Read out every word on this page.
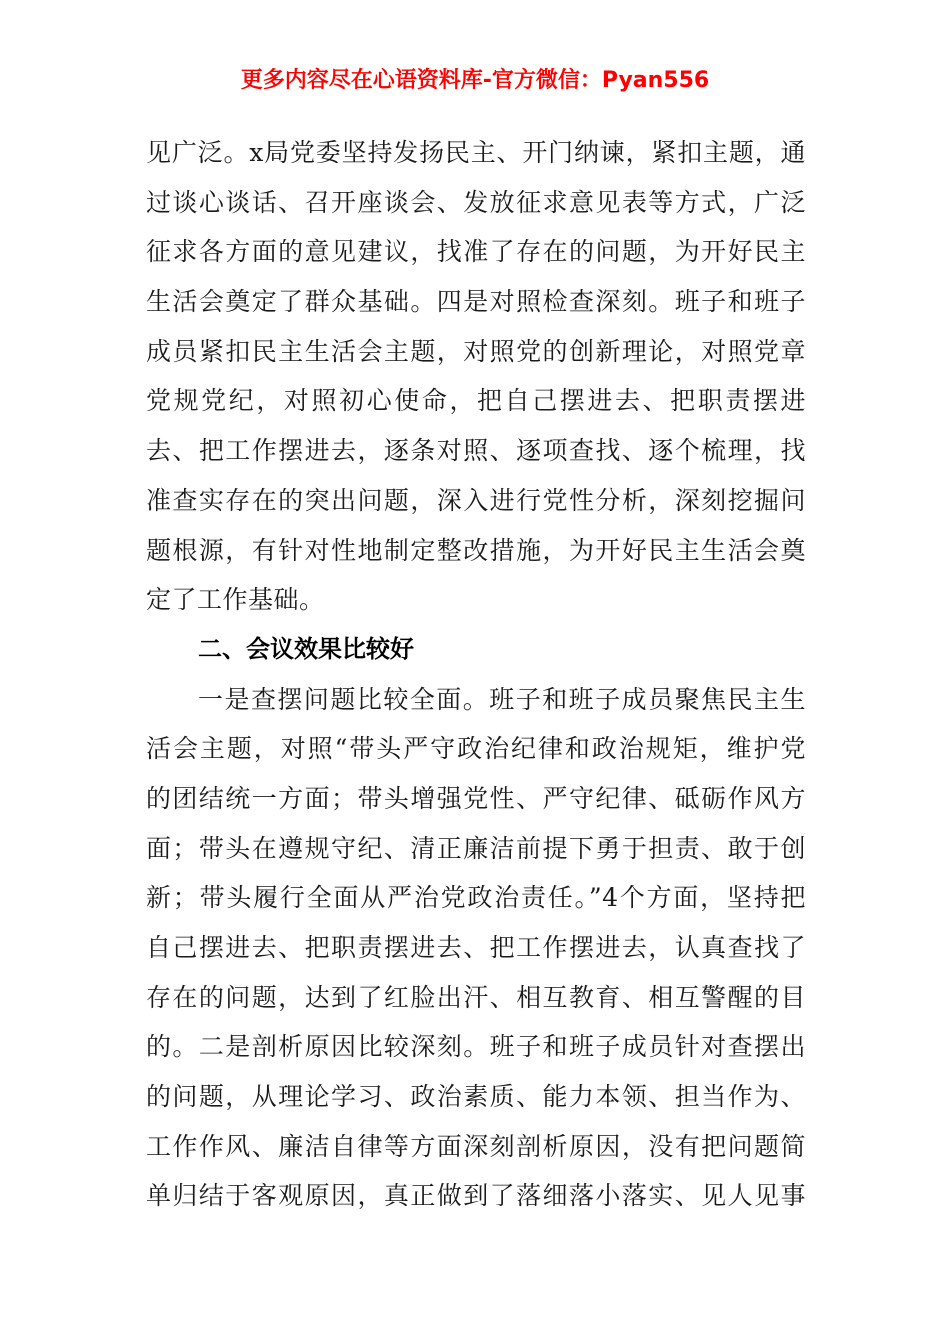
更多内容尽在心语资料库-官方微信：Pyan556
见广泛。x局党委坚持发扬民主、开门纳谏，紧扣主题，通
过谈心谈话、召开座谈会、发放征求意见表等方式，广泛
征求各方面的意见建议，找准了存在的问题，为开好民主
生活会奠定了群众基础。四是对照检查深刻。班子和班子
成员紧扣民主生活会主题，对照党的创新理论，对照党章
党规党纪，对照初心使命，把自己摆进去、把职责摆进
去、把工作摆进去，逐条对照、逐项查找、逐个梳理，找
准查实存在的突出问题，深入进行党性分析，深刻挖掘问
题根源，有针对性地制定整改措施，为开好民主生活会奠
定了工作基础。
二、会议效果比较好
一是查摆问题比较全面。班子和班子成员聚焦民主生
活会主题，对照“带头严守政治纪律和政治规矩，维护党
的团结统一方面；带头增强党性、严守纪律、砥砺作风方
面；带头在遵规守纪、清正廉洁前提下勇于担责、敢于创
新；带头履行全面从严治党政治责任。”4个方面，坚持把
自己摆进去、把职责摆进去、把工作摆进去，认真查找了
存在的问题，达到了红脸出汗、相互教育、相互警醒的目
的。二是剖析原因比较深刻。班子和班子成员针对查摆出
的问题，从理论学习、政治素质、能力本领、担当作为、
工作作风、廉洁自律等方面深刻剖析原因，没有把问题简
单归结于客观原因，真正做到了落细落小落实、见人见事
